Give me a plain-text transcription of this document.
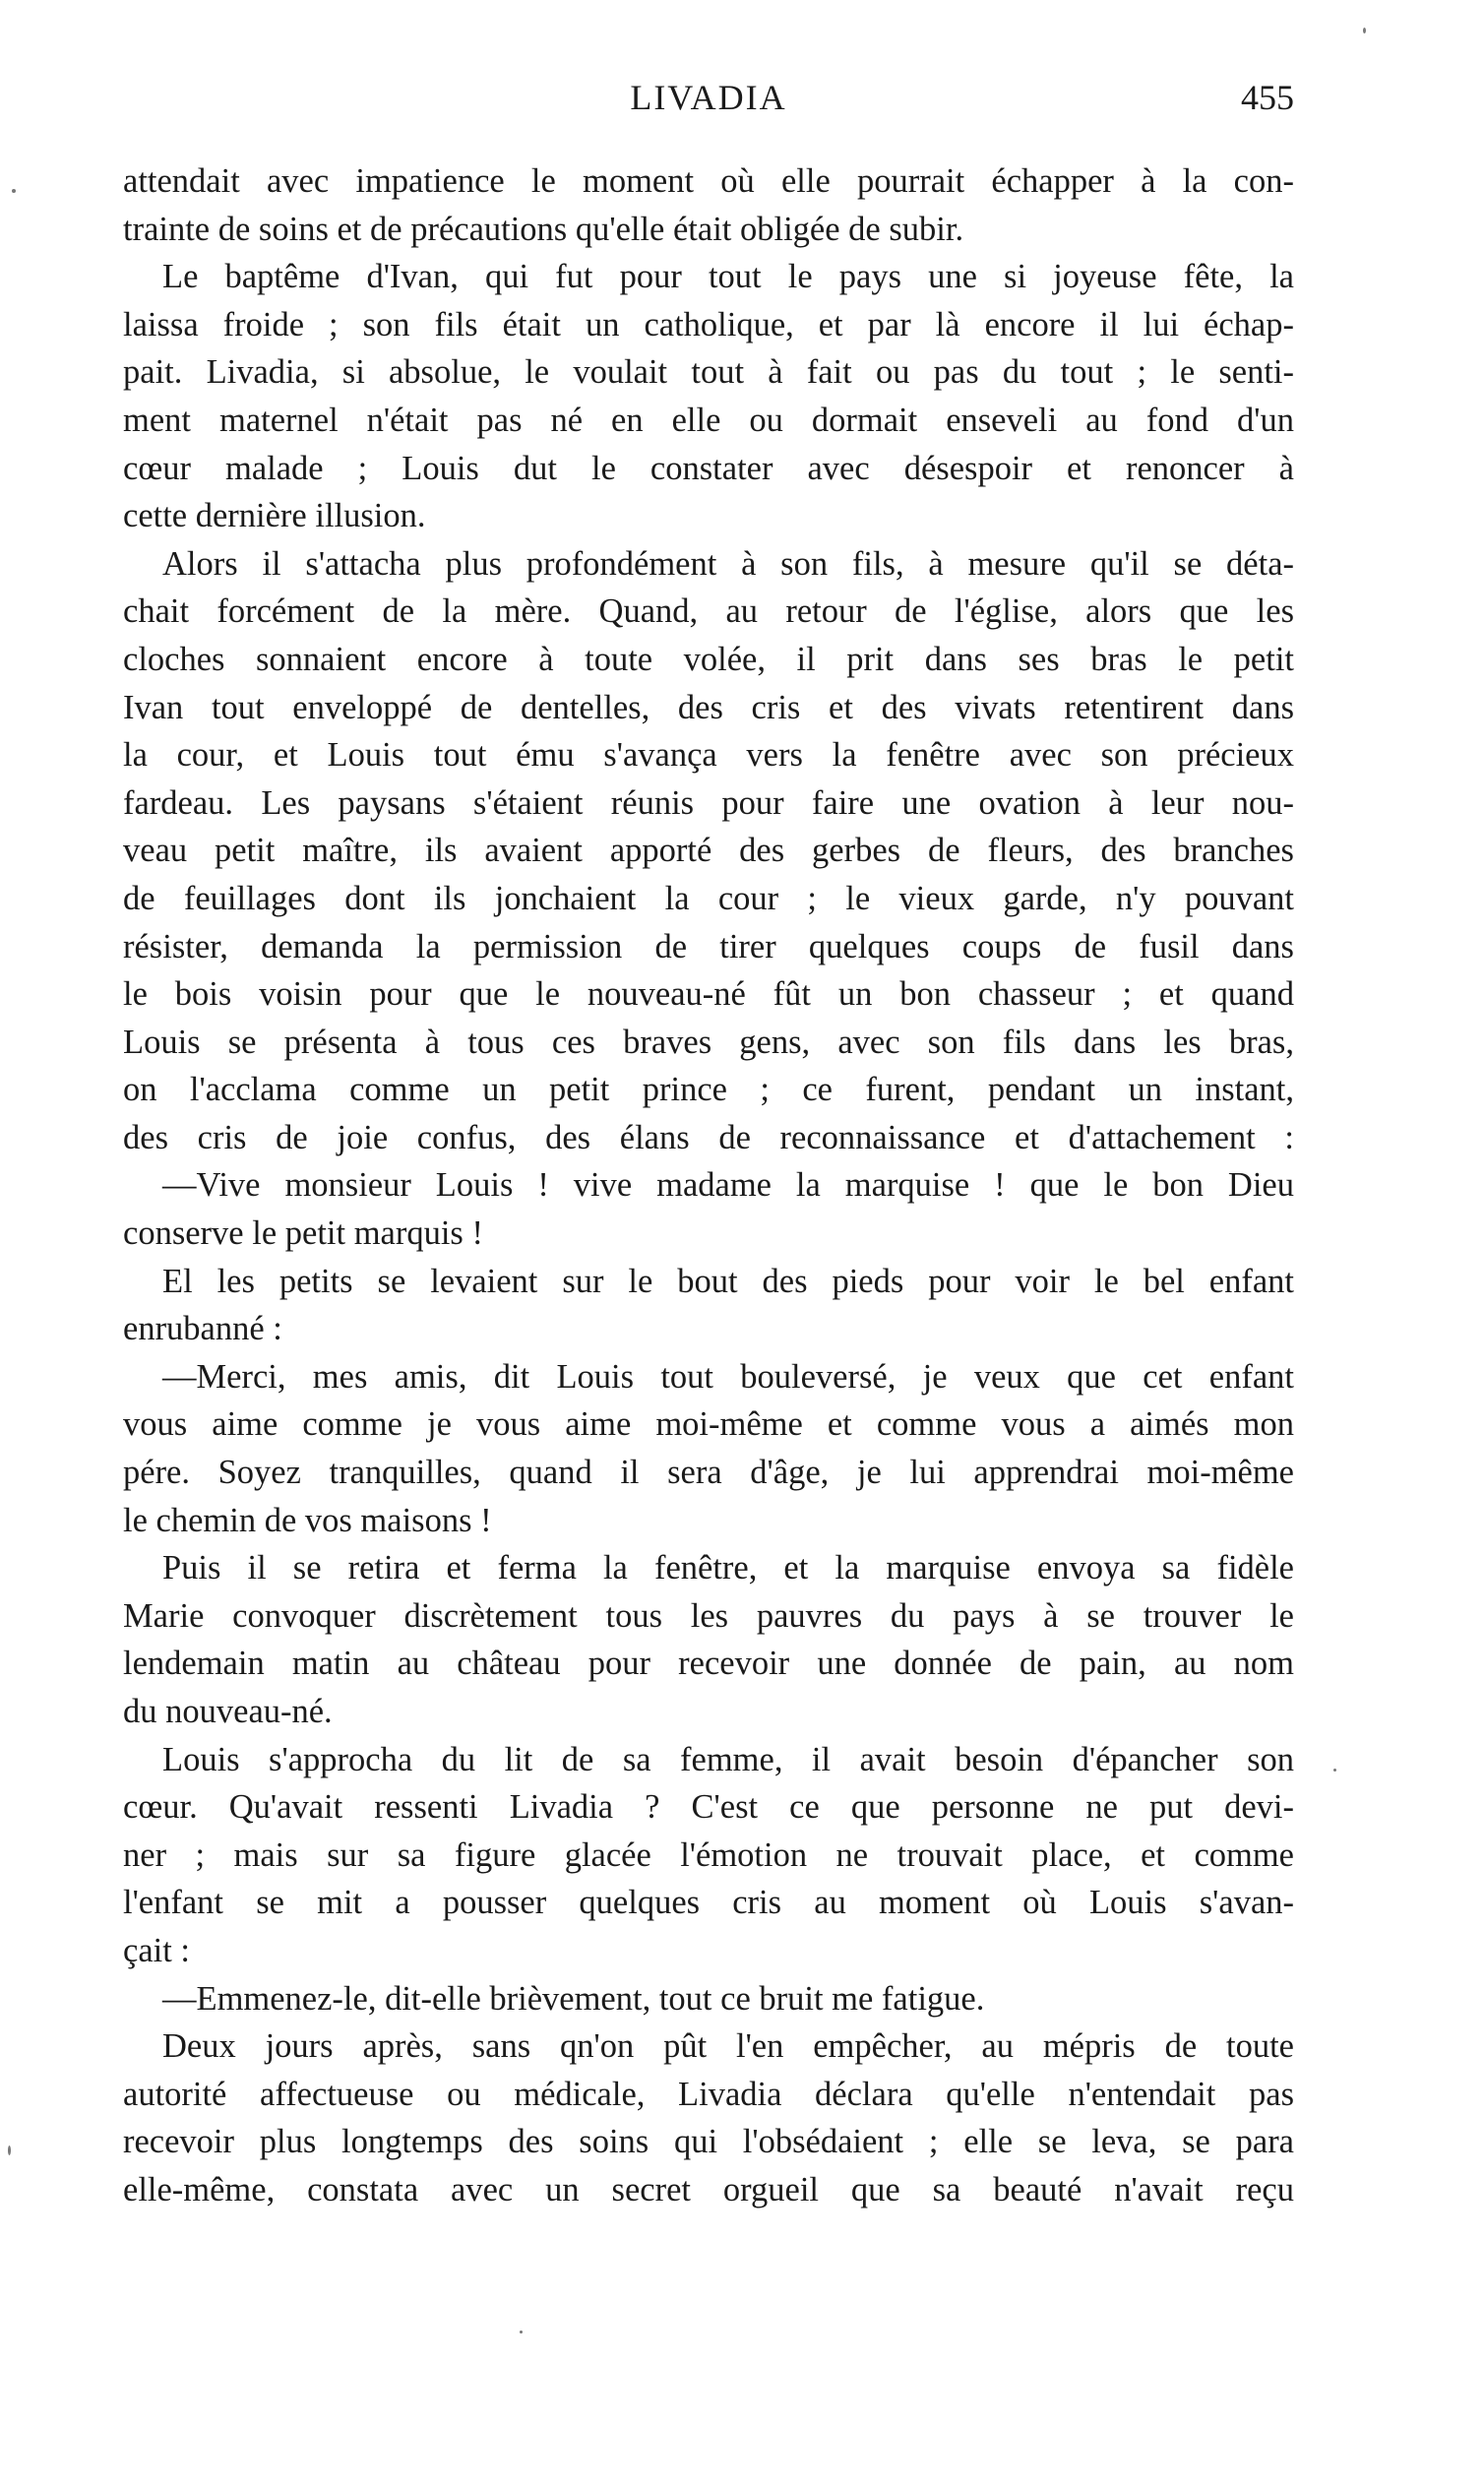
LIVADIA	455
attendait avec impatience le moment où elle pourrait échapper à la con-
trainte de soins et de précautions qu'elle était obligée de subir.
Le baptême d'Ivan, qui fut pour tout le pays une si joyeuse fête, la
laissa froide ; son fils était un catholique, et par là encore il lui échap-
pait. Livadia, si absolue, le voulait tout à fait ou pas du tout ; le senti-
ment maternel n'était pas né en elle ou dormait enseveli au fond d'un
cœur malade ; Louis dut le constater avec désespoir et renoncer à
cette dernière illusion.
Alors il s'attacha plus profondément à son fils, à mesure qu'il se déta-
chait forcément de la mère. Quand, au retour de l'église, alors que les
cloches sonnaient encore à toute volée, il prit dans ses bras le petit
Ivan tout enveloppé de dentelles, des cris et des vivats retentirent dans
la cour, et Louis tout ému s'avança vers la fenêtre avec son précieux
fardeau. Les paysans s'étaient réunis pour faire une ovation à leur nou-
veau petit maître, ils avaient apporté des gerbes de fleurs, des branches
de feuillages dont ils jonchaient la cour ; le vieux garde, n'y pouvant
résister, demanda la permission de tirer quelques coups de fusil dans
le bois voisin pour que le nouveau-né fût un bon chasseur ; et quand
Louis se présenta à tous ces braves gens, avec son fils dans les bras,
on l'acclama comme un petit prince ; ce furent, pendant un instant,
des cris de joie confus, des élans de reconnaissance et d'attachement :
—Vive monsieur Louis ! vive madame la marquise ! que le bon Dieu
conserve le petit marquis !
El les petits se levaient sur le bout des pieds pour voir le bel enfant
enrubanné :
—Merci, mes amis, dit Louis tout bouleversé, je veux que cet enfant
vous aime comme je vous aime moi-même et comme vous a aimés mon
pére. Soyez tranquilles, quand il sera d'âge, je lui apprendrai moi-même
le chemin de vos maisons !
Puis il se retira et ferma la fenêtre, et la marquise envoya sa fidèle
Marie convoquer discrètement tous les pauvres du pays à se trouver le
lendemain matin au château pour recevoir une donnée de pain, au nom
du nouveau-né.
Louis s'approcha du lit de sa femme, il avait besoin d'épancher son
cœur. Qu'avait ressenti Livadia ? C'est ce que personne ne put devi-
ner ; mais sur sa figure glacée l'émotion ne trouvait place, et comme
l'enfant se mit a pousser quelques cris au moment où Louis s'avan-
çait :
—Emmenez-le, dit-elle brièvement, tout ce bruit me fatigue.
Deux jours après, sans qn'on pût l'en empêcher, au mépris de toute
autorité affectueuse ou médicale, Livadia déclara qu'elle n'entendait pas
recevoir plus longtemps des soins qui l'obsédaient ; elle se leva, se para
elle-même, constata avec un secret orgueil que sa beauté n'avait reçu
